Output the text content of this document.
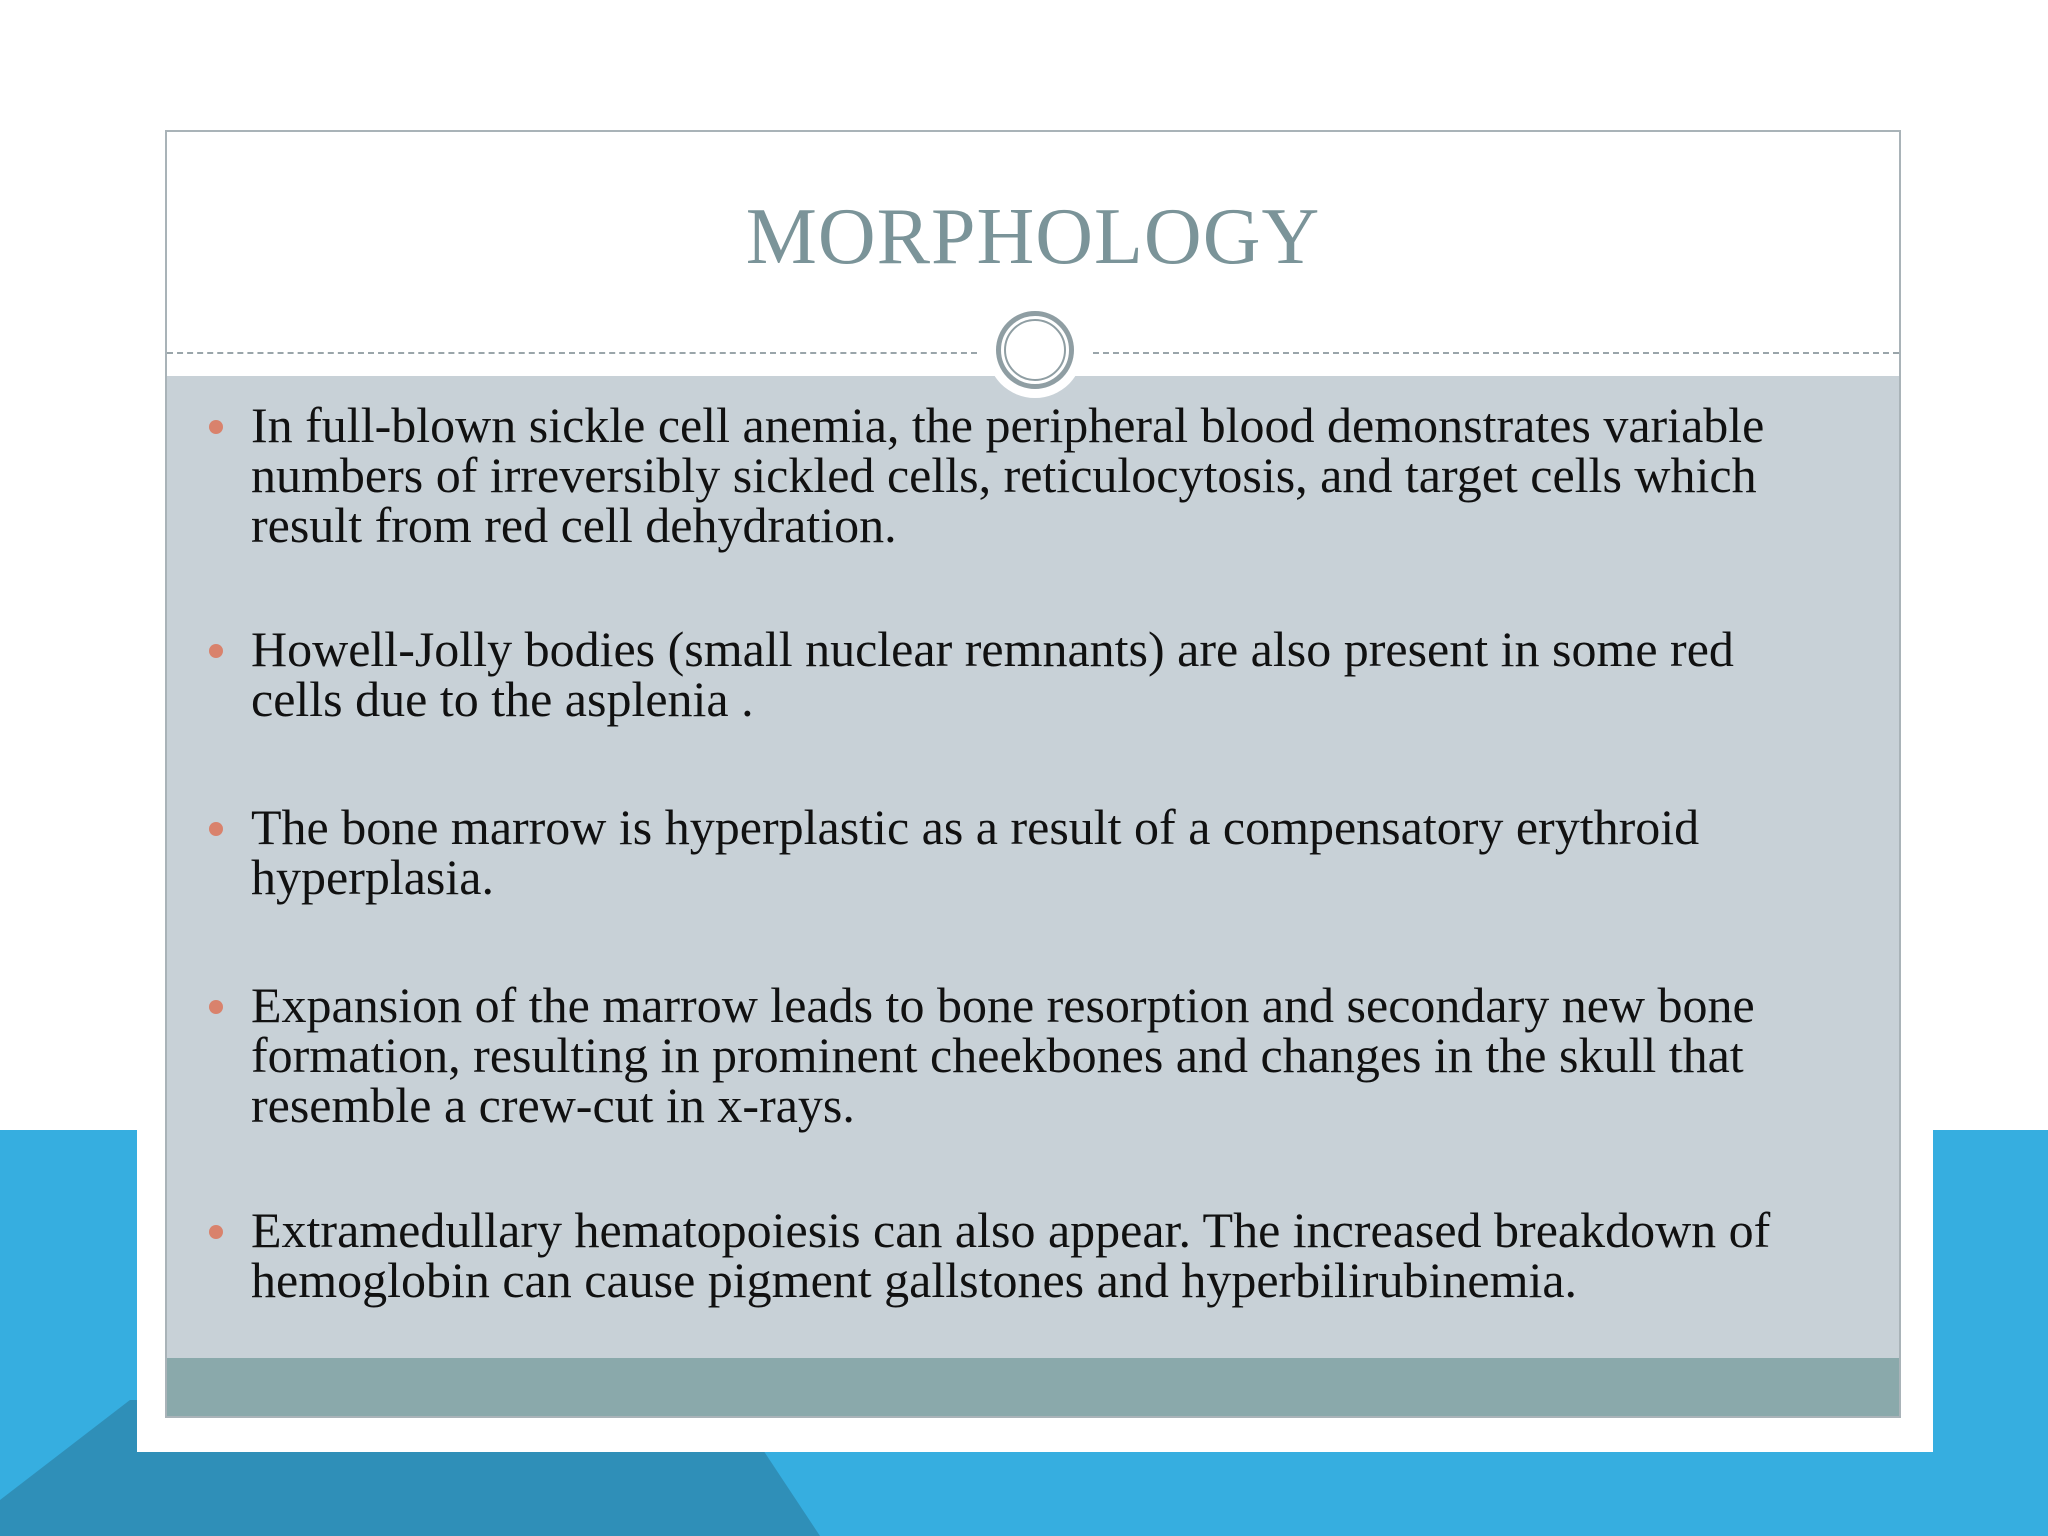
MORPHOLOGY
In full-blown sickle cell anemia, the peripheral blood demonstrates variable numbers of irreversibly sickled cells, reticulocytosis, and target cells which result from red cell dehydration.
Howell-Jolly bodies (small nuclear remnants) are also present in some red cells due to the asplenia .
The bone marrow is hyperplastic as a result of a compensatory erythroid hyperplasia.
Expansion of the marrow leads to bone resorption and secondary new bone formation, resulting in prominent cheekbones and changes in the skull that resemble a crew-cut in x-rays.
Extramedullary hematopoiesis can also appear. The increased breakdown of hemoglobin can cause pigment gallstones and hyperbilirubinemia.
